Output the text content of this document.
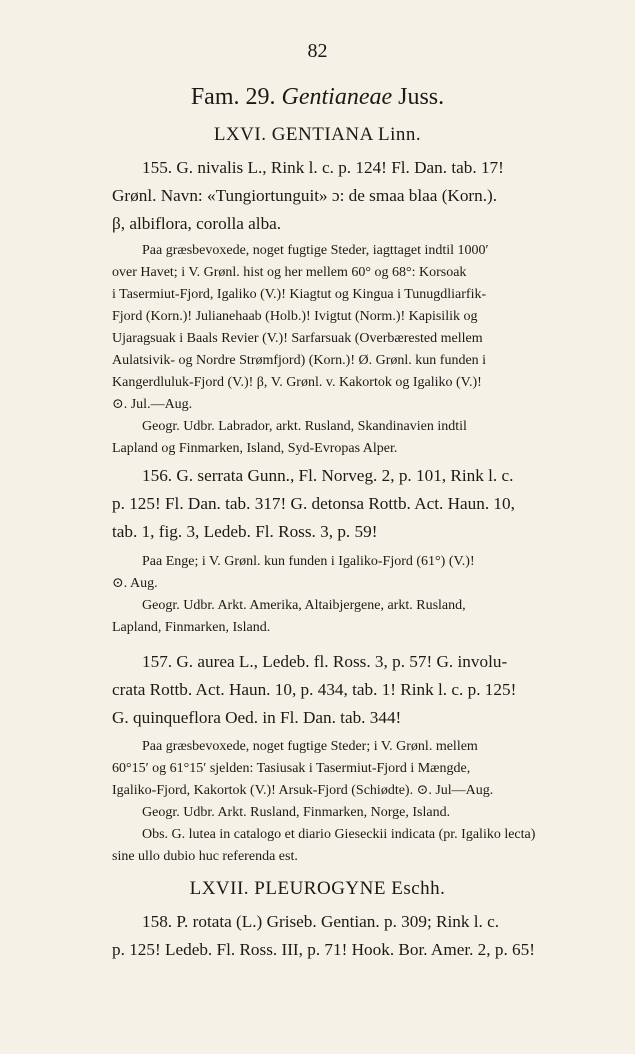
82
Fam. 29. Gentianeae Juss.
LXVI. GENTIANA Linn.
155. G. nivalis L., Rink l. c. p. 124! Fl. Dan. tab. 17!
Grønl. Navn: «Tungiortunguit» ɔ: de smaa blaa (Korn.).
β, albiflora, corolla alba.
Paa græsbevoxede, noget fugtige Steder, iagttaget indtil 1000′
over Havet; i V. Grønl. hist og her mellem 60° og 68°: Korsoak
i Tasermiut-Fjord, Igaliko (V.)! Kiagtut og Kingua i Tunugdliarfik-
Fjord (Korn.)! Julianehaab (Holb.)! Ivigtut (Norm.)! Kapisilik og
Ujaragsuak i Baals Revier (V.)! Sarfarsuak (Overbærested mellem
Aulatsivik- og Nordre Strømfjord) (Korn.)! Ø. Grønl. kun funden i
Kangerdluluk-Fjord (V.)! β, V. Grønl. v. Kakortok og Igaliko (V.)!
⊙. Jul.—Aug.
Geogr. Udbr. Labrador, arkt. Rusland, Skandinavien indtil
Lapland og Finmarken, Island, Syd-Evropas Alper.
156. G. serrata Gunn., Fl. Norveg. 2, p. 101, Rink l. c.
p. 125! Fl. Dan. tab. 317! G. detonsa Rottb. Act. Haun. 10,
tab. 1, fig. 3, Ledeb. Fl. Ross. 3, p. 59!
Paa Enge; i V. Grønl. kun funden i Igaliko-Fjord (61°) (V.)!
⊙. Aug.
Geogr. Udbr. Arkt. Amerika, Altaibjergene, arkt. Rusland,
Lapland, Finmarken, Island.
157. G. aurea L., Ledeb. fl. Ross. 3, p. 57! G. involu-
crata Rottb. Act. Haun. 10, p. 434, tab. 1! Rink l. c. p. 125!
G. quinqueflora Oed. in Fl. Dan. tab. 344!
Paa græsbevoxede, noget fugtige Steder; i V. Grønl. mellem
60°15′ og 61°15′ sjelden: Tasiusak i Tasermiut-Fjord i Mængde,
Igaliko-Fjord, Kakortok (V.)! Arsuk-Fjord (Schiødte). ⊙. Jul—Aug.
Geogr. Udbr. Arkt. Rusland, Finmarken, Norge, Island.
Obs. G. lutea in catalogo et diario Gieseckii indicata (pr. Igaliko lecta)
sine ullo dubio huc referenda est.
LXVII. PLEUROGYNE Eschh.
158. P. rotata (L.) Griseb. Gentian. p. 309; Rink l. c.
p. 125! Ledeb. Fl. Ross. III, p. 71! Hook. Bor. Amer. 2, p. 65!
